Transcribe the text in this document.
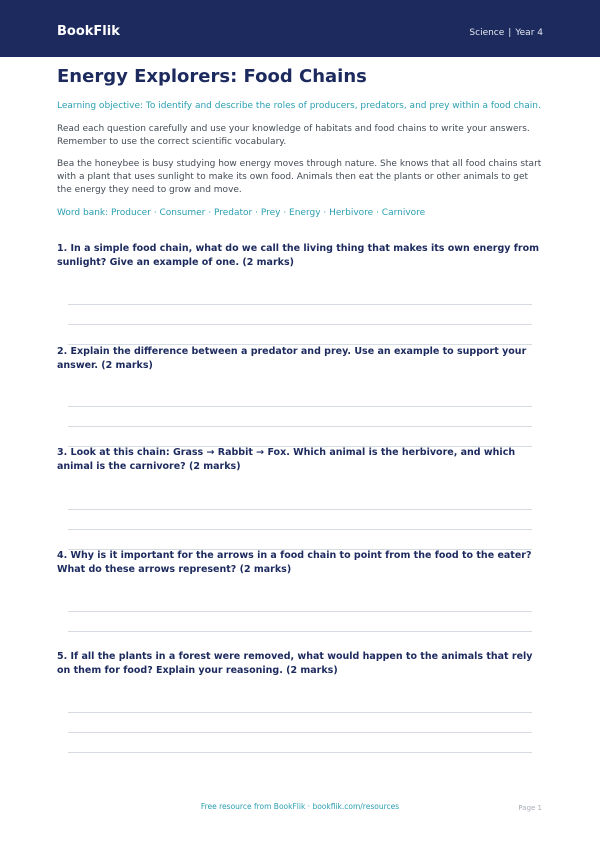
BookFlik	Science | Year 4
Energy Explorers: Food Chains
Learning objective: To identify and describe the roles of producers, predators, and prey within a food chain.
Read each question carefully and use your knowledge of habitats and food chains to write your answers. Remember to use the correct scientific vocabulary.
Bea the honeybee is busy studying how energy moves through nature. She knows that all food chains start with a plant that uses sunlight to make its own food. Animals then eat the plants or other animals to get the energy they need to grow and move.
Word bank: Producer · Consumer · Predator · Prey · Energy · Herbivore · Carnivore
1. In a simple food chain, what do we call the living thing that makes its own energy from sunlight? Give an example of one. (2 marks)
2. Explain the difference between a predator and prey. Use an example to support your answer. (2 marks)
3. Look at this chain: Grass → Rabbit → Fox. Which animal is the herbivore, and which animal is the carnivore? (2 marks)
4. Why is it important for the arrows in a food chain to point from the food to the eater? What do these arrows represent? (2 marks)
5. If all the plants in a forest were removed, what would happen to the animals that rely on them for food? Explain your reasoning. (2 marks)
Free resource from BookFlik · bookflik.com/resources	Page 1
